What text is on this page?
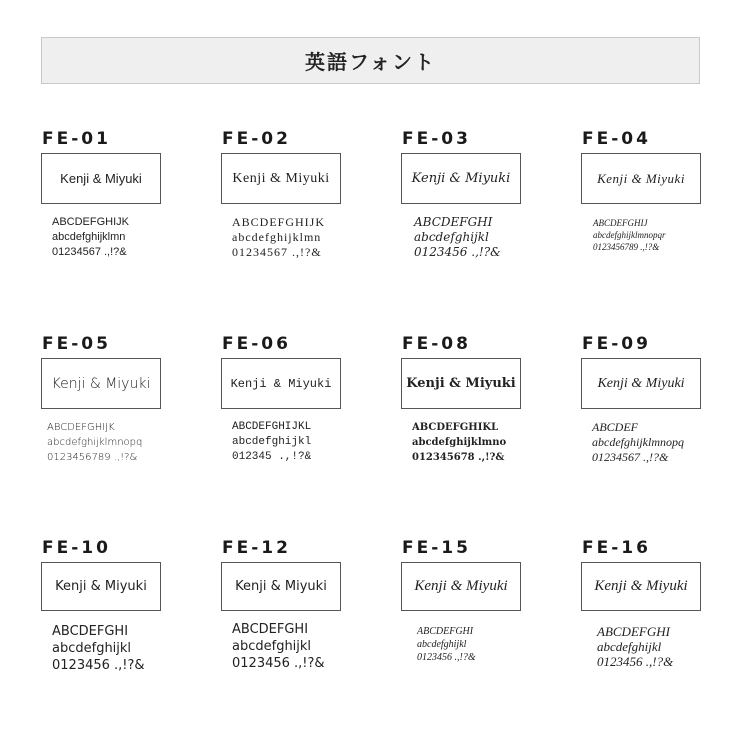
英語フォント
FE-01
Kenji & Miyuki
ABCDEFGHIJK
abcdefghijklmn
01234567 .,!?&
FE-02
Kenji & Miyuki
ABCDEFGHIJK
abcdefghijklmn
01234567 .,!?&
FE-03
Kenji & Miyuki
ABCDEFGHI
abcdefghijkl
0123456 .,!?&
FE-04
Kenji & Miyuki
ABCDEFGHIJ
abcdefghijklmnopqr
0123456789 .,!?&
FE-05
Kenji & Miyuki
ABCDEFGHIJK
abcdefghijklmnopq
0123456789 .,!?&
FE-06
Kenji & Miyuki
ABCDEFGHIJKL
abcdefghijkl
012345 .,!?&
FE-08
Kenji & Miyuki
ABCDEFGHIKL
abcdefghijklmno
012345678 .,!?&
FE-09
Kenji & Miyuki
ABCDEF
abcdefghijklmnopq
01234567 .,!?&
FE-10
Kenji & Miyuki
ABCDEFGHI
abcdefghijkl
0123456 .,!?&
FE-12
Kenji & Miyuki
ABCDEFGHI
abcdefghijkl
0123456 .,!?&
FE-15
Kenji & Miyuki
ABCDEFGHI
abcdefghijkl
0123456 .,!?&
FE-16
Kenji & Miyuki
ABCDEFGHI
abcdefghijkl
0123456 .,!?&
